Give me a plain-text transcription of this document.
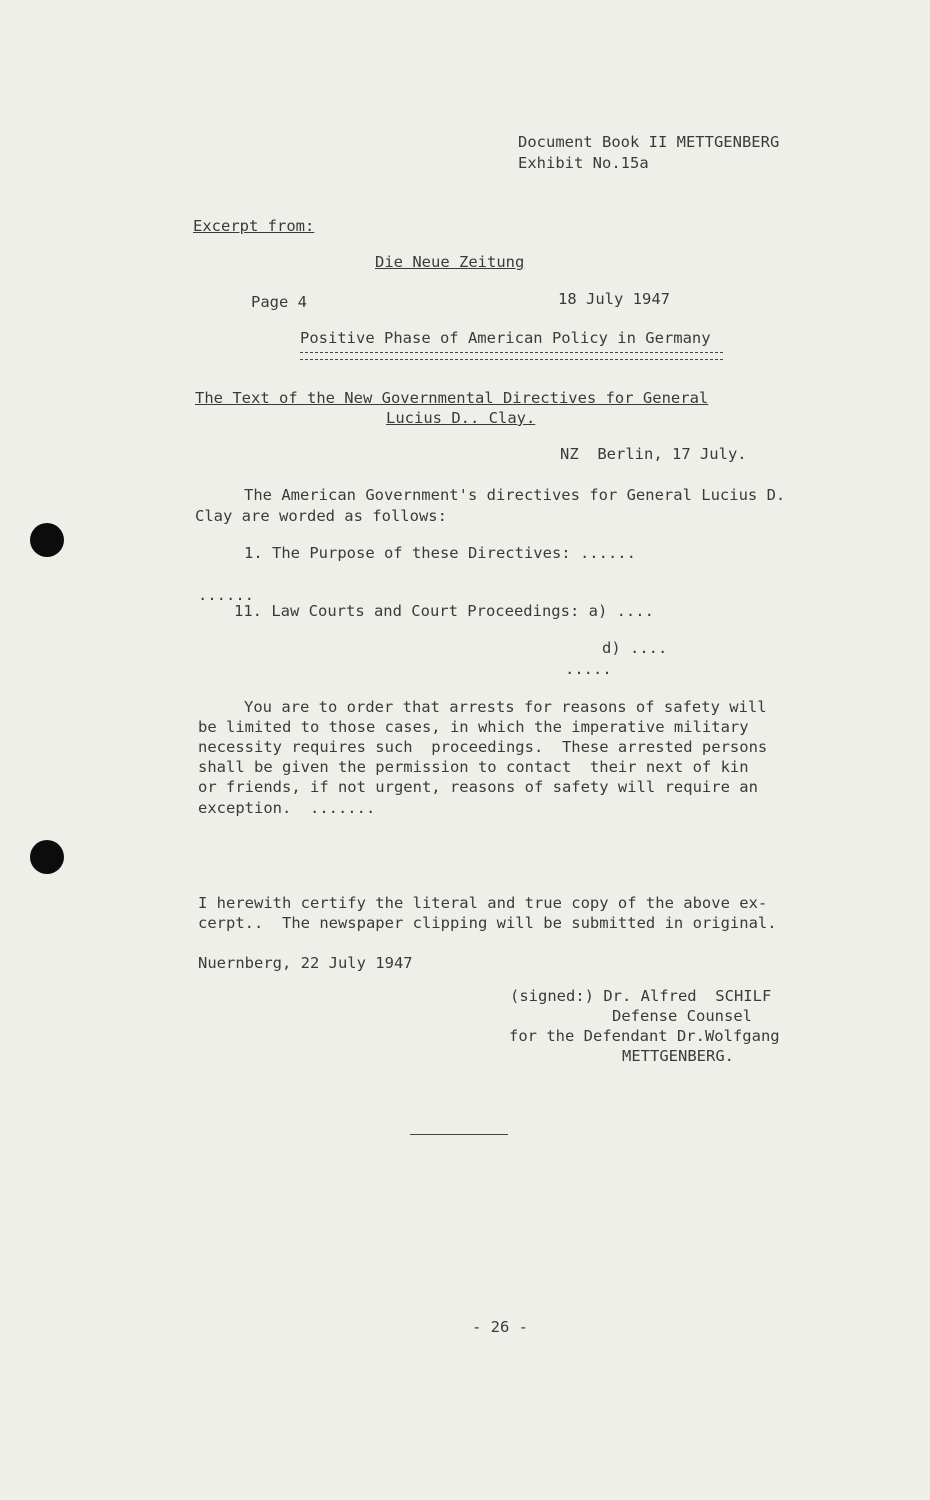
Document Book II METTGENBERG
Exhibit No.15a
Excerpt from:
Die Neue Zeitung
Page 4	18 July 1947
Positive Phase of American Policy in Germany
The Text of the New Governmental Directives for General
Lucius D.. Clay.
NZ  Berlin, 17 July.
The American Government's directives for General Lucius D.
Clay are worded as follows:
1. The Purpose of these Directives: ......
......
11. Law Courts and Court Proceedings: a) ....
d) ....
.....
You are to order that arrests for reasons of safety will
be limited to those cases, in which the imperative military
necessity requires such  proceedings.  These arrested persons
shall be given the permission to contact  their next of kin
or friends, if not urgent, reasons of safety will require an
exception.  .......
I herewith certify the literal and true copy of the above ex-
cerpt..  The newspaper clipping will be submitted in original.
Nuernberg, 22 July 1947
(signed:) Dr. Alfred  SCHILF
Defense Counsel
for the Defendant Dr.Wolfgang
METTGENBERG.
- 26 -
